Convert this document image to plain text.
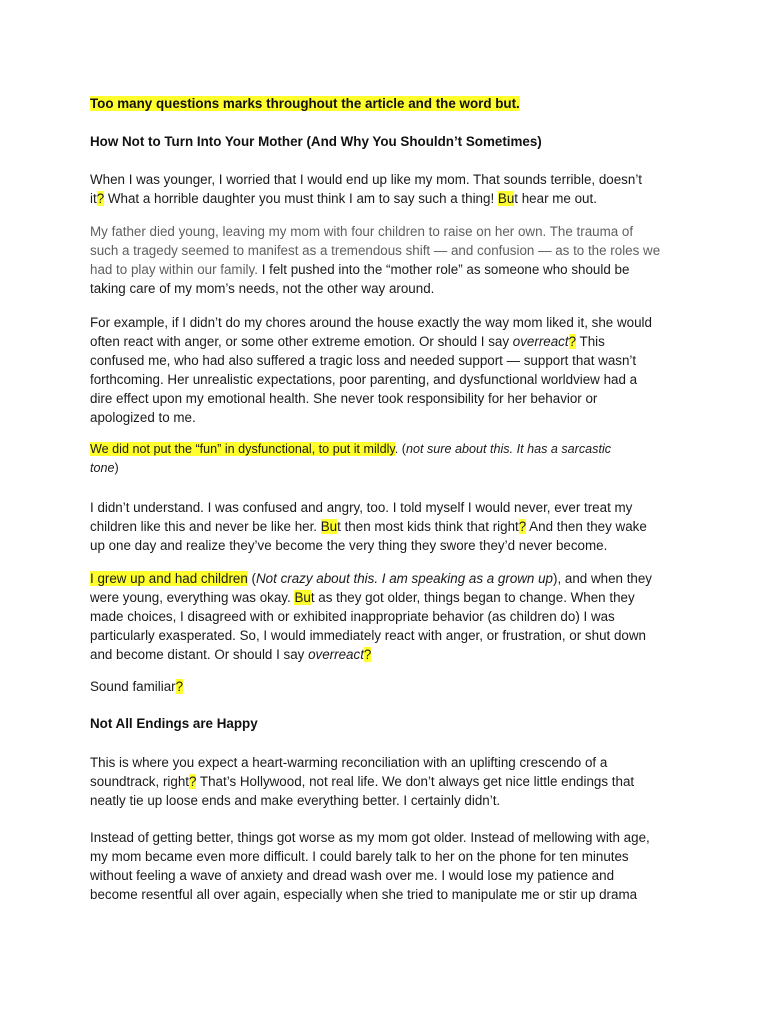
Too many questions marks throughout the article and the word but.

How Not to Turn Into Your Mother (And Why You Shouldn’t Sometimes)

When I was younger, I worried that I would end up like my mom. That sounds terrible, doesn’t
it? What a horrible daughter you must think I am to say such a thing! But hear me out.

My father died young, leaving my mom with four children to raise on her own. The trauma of
such a tragedy seemed to manifest as a tremendous shift — and confusion — as to the roles we
had to play within our family. I felt pushed into the “mother role” as someone who should be
taking care of my mom’s needs, not the other way around.

For example, if I didn’t do my chores around the house exactly the way mom liked it, she would
often react with anger, or some other extreme emotion. Or should I say overreact? This
confused me, who had also suffered a tragic loss and needed support — support that wasn’t
forthcoming. Her unrealistic expectations, poor parenting, and dysfunctional worldview had a
dire effect upon my emotional health. She never took responsibility for her behavior or
apologized to me.

We did not put the “fun” in dysfunctional, to put it mildly. (not sure about this. It has a sarcastic
tone)

I didn’t understand. I was confused and angry, too. I told myself I would never, ever treat my
children like this and never be like her. But then most kids think that right? And then they wake
up one day and realize they’ve become the very thing they swore they’d never become.

I grew up and had children (Not crazy about this. I am speaking as a grown up), and when they
were young, everything was okay. But as they got older, things began to change. When they
made choices, I disagreed with or exhibited inappropriate behavior (as children do) I was
particularly exasperated. So, I would immediately react with anger, or frustration, or shut down
and become distant. Or should I say overreact?

Sound familiar?

Not All Endings are Happy

This is where you expect a heart-warming reconciliation with an uplifting crescendo of a
soundtrack, right? That’s Hollywood, not real life. We don’t always get nice little endings that
neatly tie up loose ends and make everything better. I certainly didn’t.

Instead of getting better, things got worse as my mom got older. Instead of mellowing with age,
my mom became even more difficult. I could barely talk to her on the phone for ten minutes
without feeling a wave of anxiety and dread wash over me. I would lose my patience and
become resentful all over again, especially when she tried to manipulate me or stir up drama
